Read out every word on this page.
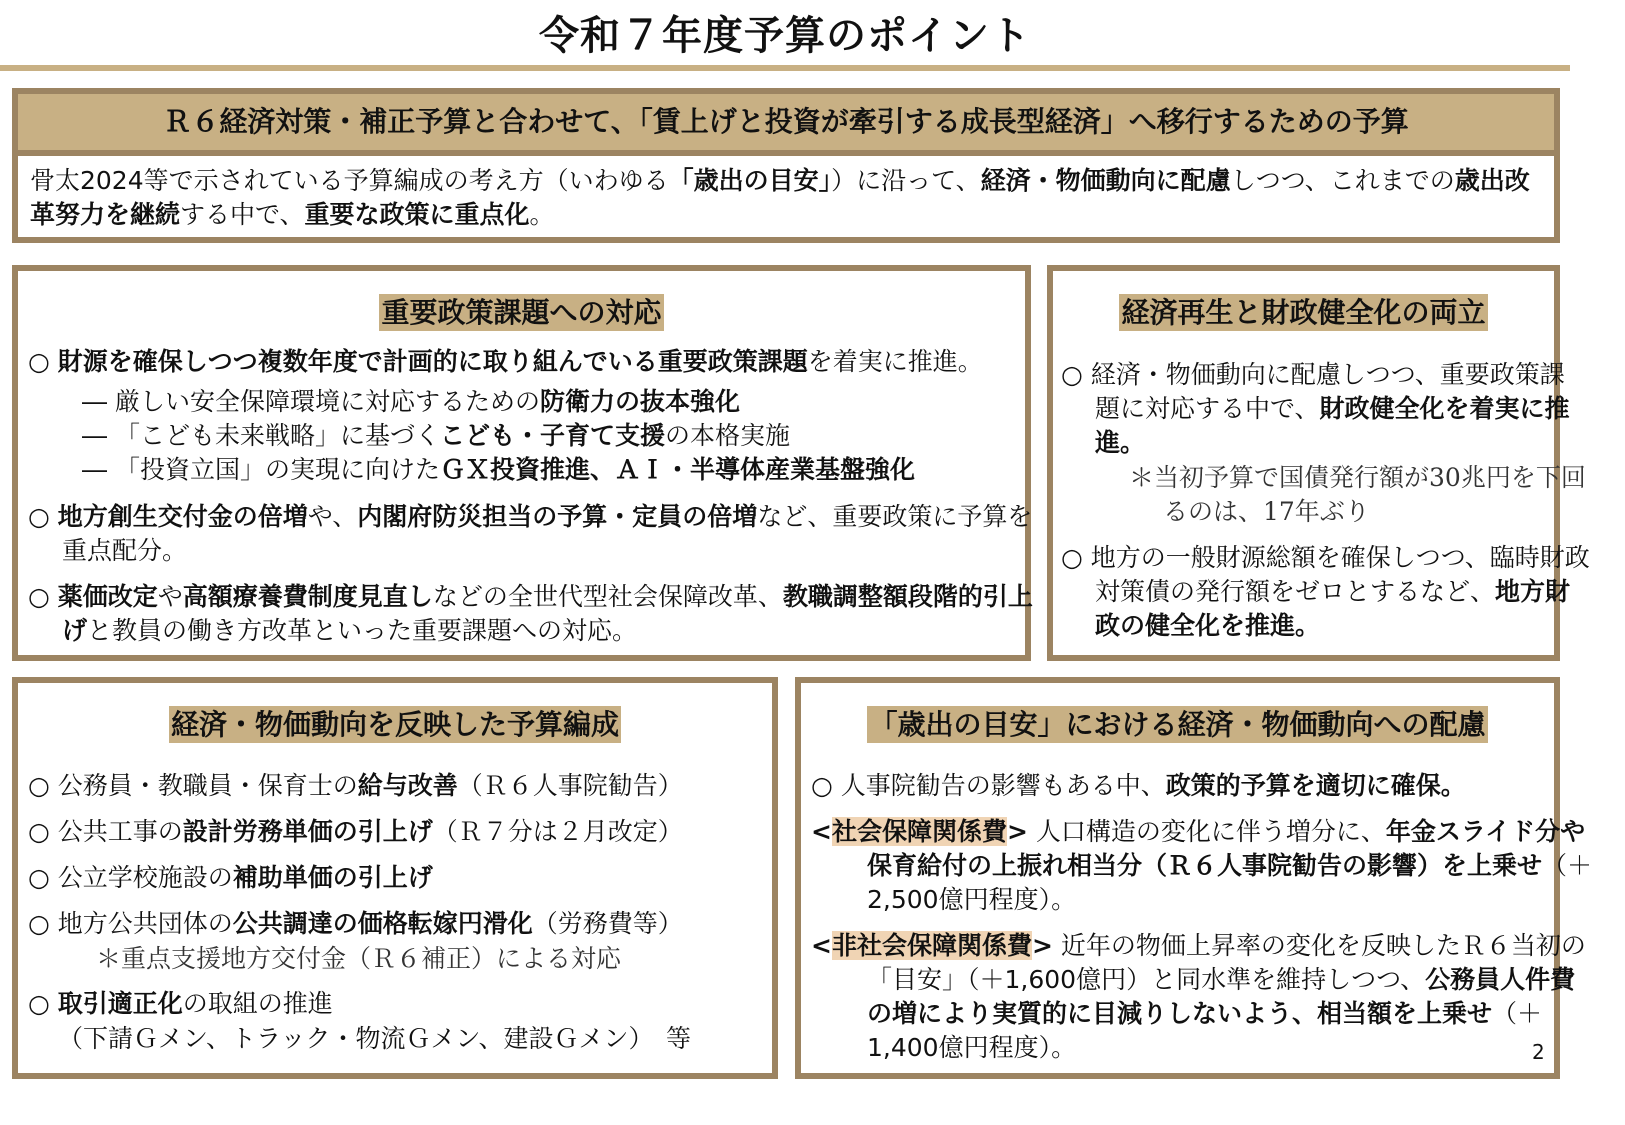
令和７年度予算のポイント
Ｒ６経済対策・補正予算と合わせて、「賃上げと投資が牽引する成長型経済」へ移行するための予算
骨太2024等で示されている予算編成の考え方（いわゆる「歳出の目安」）に沿って、経済・物価動向に配慮しつつ、これまでの歳出改革努力を継続する中で、重要な政策に重点化。
重要政策課題への対応
○ 財源を確保しつつ複数年度で計画的に取り組んでいる重要政策課題を着実に推進。
― 厳しい安全保障環境に対応するための防衛力の抜本強化
― 「こども未来戦略」に基づくこども・子育て支援の本格実施
― 「投資立国」の実現に向けたＧＸ投資推進、ＡＩ・半導体産業基盤強化
○ 地方創生交付金の倍増や、内閣府防災担当の予算・定員の倍増など、重要政策に予算を重点配分。
○ 薬価改定や高額療養費制度見直しなどの全世代型社会保障改革、教職調整額段階的引上げと教員の働き方改革といった重要課題への対応。
経済再生と財政健全化の両立
○ 経済・物価動向に配慮しつつ、重要政策課題に対応する中で、財政健全化を着実に推進。
＊当初予算で国債発行額が30兆円を下回るのは、17年ぶり
○ 地方の一般財源総額を確保しつつ、臨時財政対策債の発行額をゼロとするなど、地方財政の健全化を推進。
経済・物価動向を反映した予算編成
○ 公務員・教職員・保育士の給与改善（Ｒ６人事院勧告）
○ 公共工事の設計労務単価の引上げ（Ｒ７分は２月改定）
○ 公立学校施設の補助単価の引上げ
○ 地方公共団体の公共調達の価格転嫁円滑化（労務費等）
＊重点支援地方交付金（Ｒ６補正）による対応
○ 取引適正化の取組の推進
（下請Ｇメン、トラック・物流Ｇメン、建設Ｇメン）　等
「歳出の目安」における経済・物価動向への配慮
○ 人事院勧告の影響もある中、政策的予算を適切に確保。
<社会保障関係費> 人口構造の変化に伴う増分に、年金スライド分や保育給付の上振れ相当分（Ｒ６人事院勧告の影響）を上乗せ（＋2,500億円程度）。
<非社会保障関係費> 近年の物価上昇率の変化を反映したＲ６当初の「目安」（＋1,600億円）と同水準を維持しつつ、公務員人件費の増により実質的に目減りしないよう、相当額を上乗せ（＋1,400億円程度）。	2
